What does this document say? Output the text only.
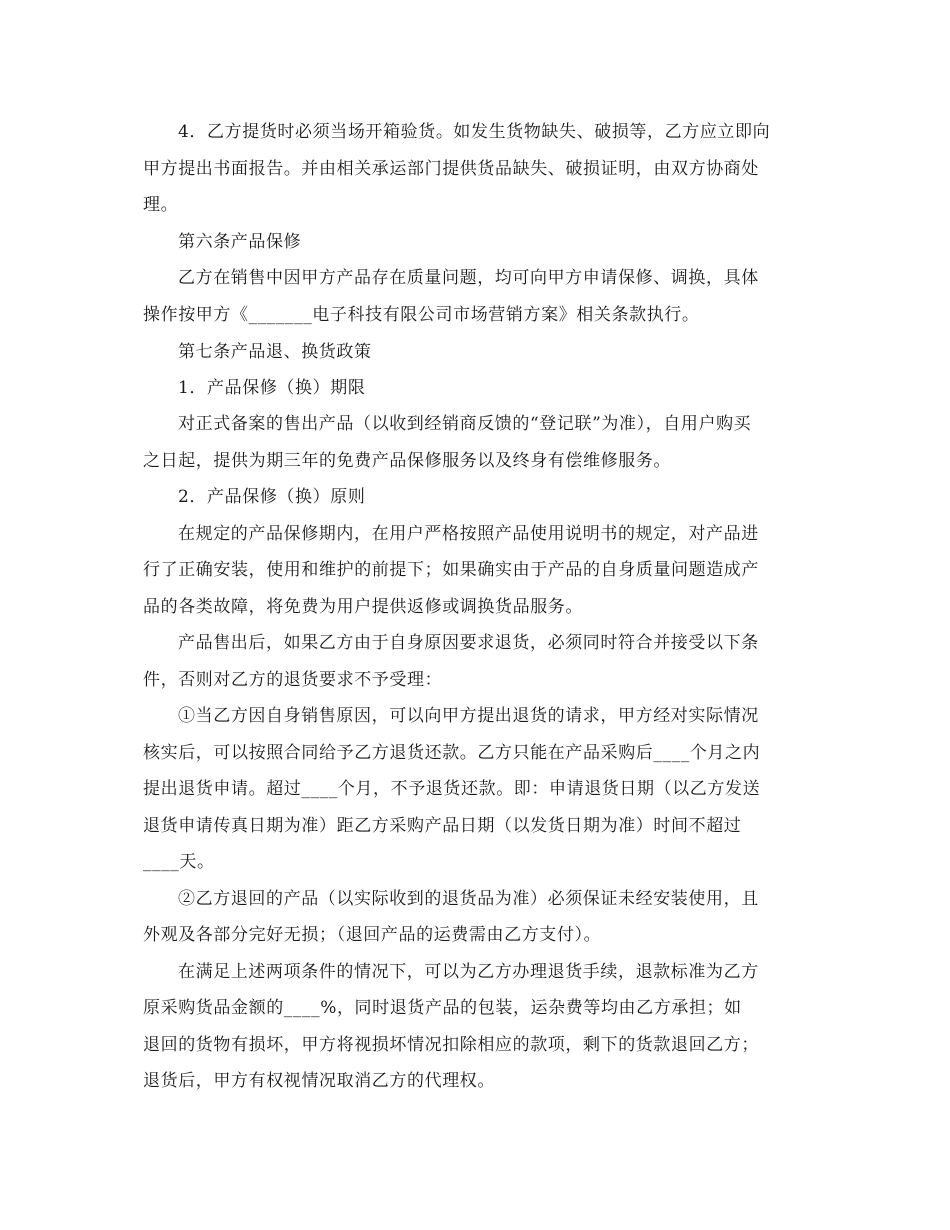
4．乙方提货时必须当场开箱验货。如发生货物缺失、破损等，乙方应立即向
甲方提出书面报告。并由相关承运部门提供货品缺失、破损证明，由双方协商处
理。
第六条产品保修
乙方在销售中因甲方产品存在质量问题，均可向甲方申请保修、调换，具体
操作按甲方《_______电子科技有限公司市场营销方案》相关条款执行。
第七条产品退、换货政策
1．产品保修（换）期限
对正式备案的售出产品（以收到经销商反馈的“登记联”为准），自用户购买
之日起，提供为期三年的免费产品保修服务以及终身有偿维修服务。
2．产品保修（换）原则
在规定的产品保修期内，在用户严格按照产品使用说明书的规定，对产品进
行了正确安装，使用和维护的前提下；如果确实由于产品的自身质量问题造成产
品的各类故障，将免费为用户提供返修或调换货品服务。
产品售出后，如果乙方由于自身原因要求退货，必须同时符合并接受以下条
件，否则对乙方的退货要求不予受理：
①当乙方因自身销售原因，可以向甲方提出退货的请求，甲方经对实际情况
核实后，可以按照合同给予乙方退货还款。乙方只能在产品采购后____个月之内
提出退货申请。超过____个月，不予退货还款。即：申请退货日期（以乙方发送
退货申请传真日期为准）距乙方采购产品日期（以发货日期为准）时间不超过
____天。
②乙方退回的产品（以实际收到的退货品为准）必须保证未经安装使用，且
外观及各部分完好无损；（退回产品的运费需由乙方支付）。
在满足上述两项条件的情况下，可以为乙方办理退货手续，退款标准为乙方
原采购货品金额的____%，同时退货产品的包装，运杂费等均由乙方承担；如
退回的货物有损坏，甲方将视损坏情况扣除相应的款项，剩下的货款退回乙方；
退货后，甲方有权视情况取消乙方的代理权。
